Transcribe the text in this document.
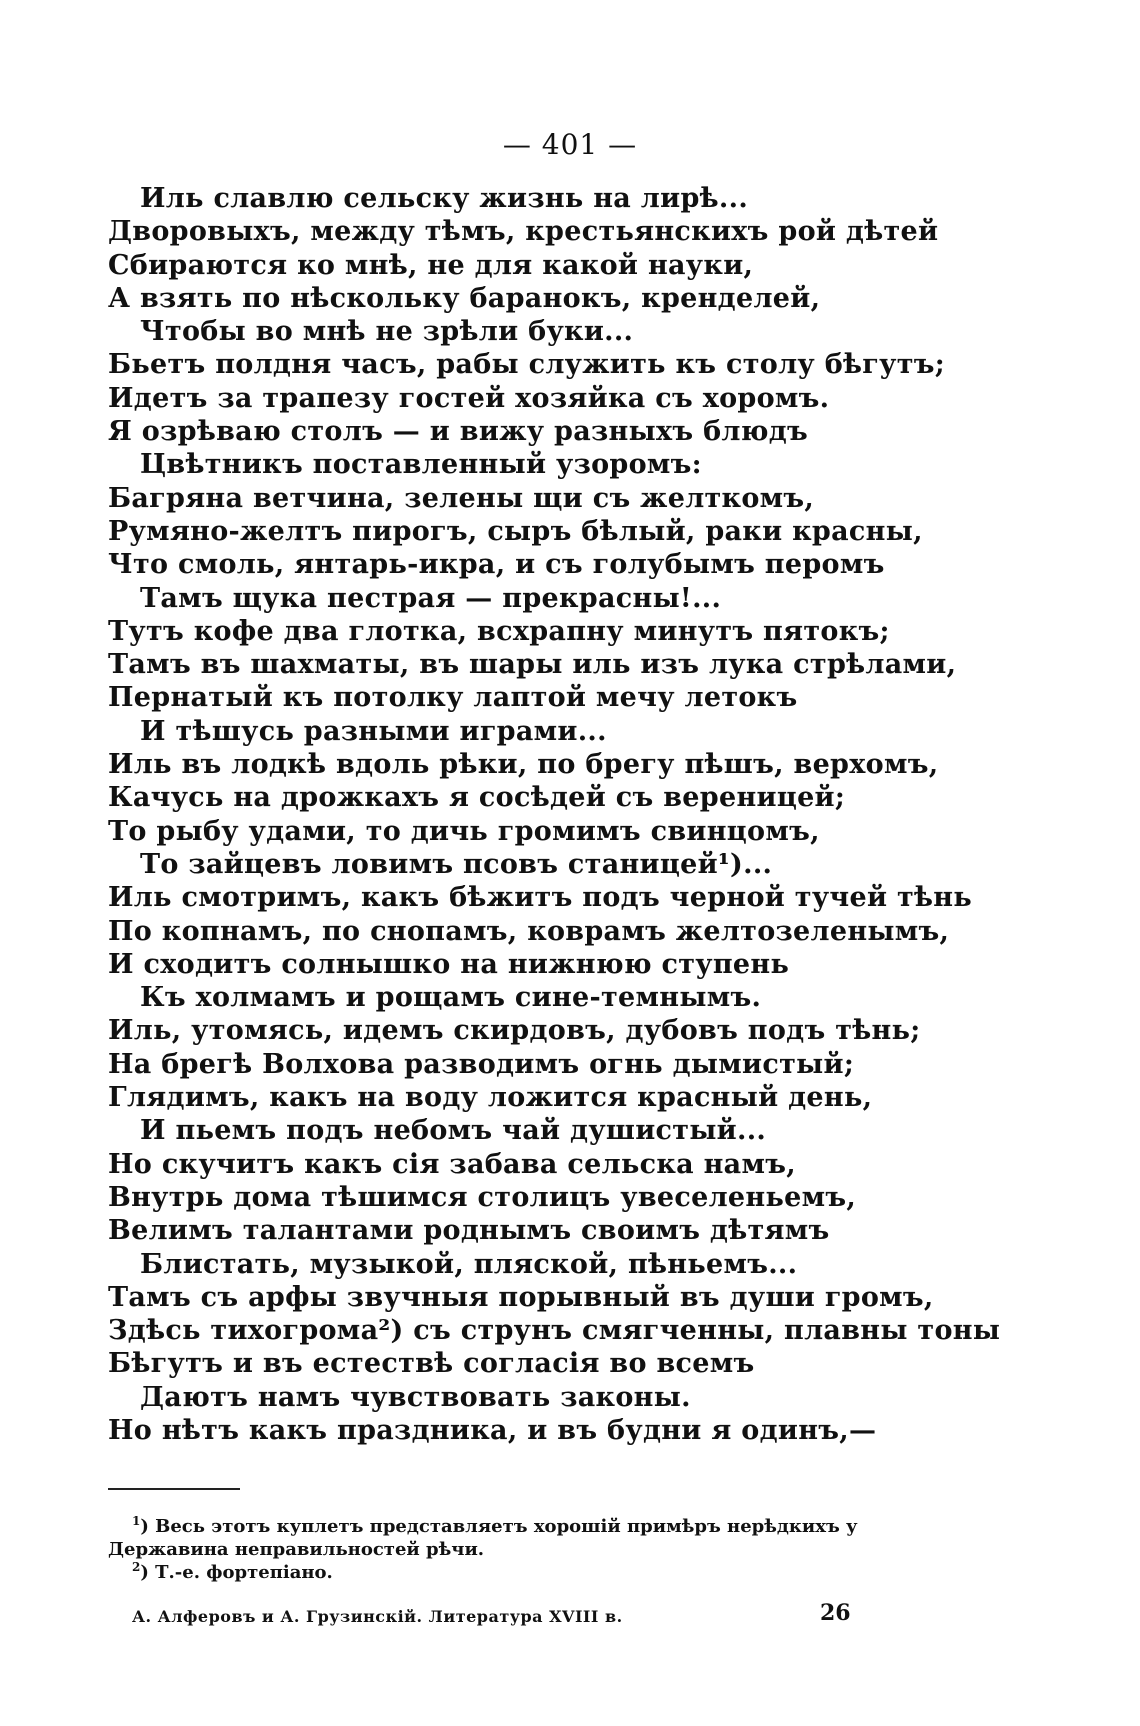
— 401 —
Иль славлю сельску жизнь на лирѣ...
Дворовыхъ, между тѣмъ, крестьянскихъ рой дѣтей
Сбираются ко мнѣ, не для какой науки,
А взять по нѣскольку баранокъ, кренделей,
Чтобы во мнѣ не зрѣли буки...
Бьетъ полдня часъ, рабы служить къ столу бѣгутъ;
Идетъ за трапезу гостей хозяйка съ хоромъ.
Я озрѣваю столъ — и вижу разныхъ блюдъ
Цвѣтникъ поставленный узоромъ:
Багряна ветчина, зелены щи съ желткомъ,
Румяно-желтъ пирогъ, сыръ бѣлый, раки красны,
Что смоль, янтарь-икра, и съ голубымъ перомъ
Тамъ щука пестрая — прекрасны!...
Тутъ кофе два глотка, всхрапну минутъ пятокъ;
Тамъ въ шахматы, въ шары иль изъ лука стрѣлами,
Пернатый къ потолку лаптой мечу летокъ
И тѣшусь разными играми...
Иль въ лодкѣ вдоль рѣки, по брегу пѣшъ, верхомъ,
Качусь на дрожкахъ я сосѣдей съ вереницей;
То рыбу удами, то дичь громимъ свинцомъ,
То зайцевъ ловимъ псовъ станицей¹)...
Иль смотримъ, какъ бѣжитъ подъ черной тучей тѣнь
По копнамъ, по снопамъ, коврамъ желтозеленымъ,
И сходитъ солнышко на нижнюю ступень
Къ холмамъ и рощамъ сине-темнымъ.
Иль, утомясь, идемъ скирдовъ, дубовъ подъ тѣнь;
На брегѣ Волхова разводимъ огнь дымистый;
Глядимъ, какъ на воду ложится красный день,
И пьемъ подъ небомъ чай душистый...
Но скучитъ какъ сія забава сельска намъ,
Внутрь дома тѣшимся столицъ увеселеньемъ,
Велимъ талантами роднымъ своимъ дѣтямъ
Блистать, музыкой, пляской, пѣньемъ...
Тамъ съ арфы звучныя порывный въ души громъ,
Здѣсь тихогрома²) съ струнъ смягченны, плавны тоны
Бѣгутъ и въ естествѣ согласія во всемъ
Даютъ намъ чувствовать законы.
Но нѣтъ какъ праздника, и въ будни я одинъ,—

$^1$) Весь этотъ куплетъ представляетъ хорошій примѣръ нерѣдкихъ у Державина неправильностей рѣчи.

$^2$) Т.-е. фортепіано.

А. Алферовъ и А. Грузинскій. Литература XVIII в.	26
